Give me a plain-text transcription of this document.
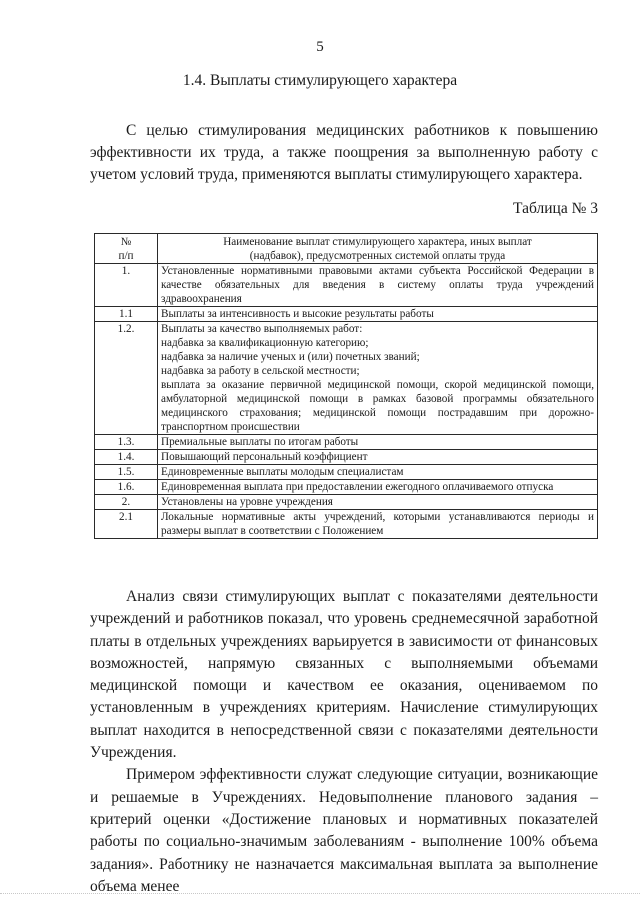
5
1.4. Выплаты стимулирующего характера

С целью стимулирования медицинских работников к повышению эффективности их труда, а также поощрения за выполненную работу с учетом условий труда, применяются выплаты стимулирующего характера.

Таблица № 3
№
п/п	Наименование выплат стимулирующего характера, иных выплат
(надбавок), предусмотренных системой оплаты труда

1.	Установленные нормативными правовыми актами субъекта Российской Федерации в качестве обязательных для введения в систему оплаты труда учреждений здравоохранения

1.1	Выплаты за интенсивность и высокие результаты работы

1.2.	Выплаты за качество выполняемых работ:
надбавка за квалификационную категорию;
надбавка за наличие ученых и (или) почетных званий;
надбавка за работу в сельской местности;
выплата за оказание первичной медицинской помощи, скорой медицинской помощи, амбулаторной медицинской помощи в рамках базовой программы обязательного медицинского страхования; медицинской помощи пострадавшим при дорожно-транспортном происшествии

1.3.	Премиальные выплаты по итогам работы

1.4.	Повышающий персональный коэффициент

1.5.	Единовременные выплаты молодым специалистам

1.6.	Единовременная выплата при предоставлении ежегодного оплачиваемого отпуска

2.	Установлены на уровне учреждения

2.1	Локальные нормативные акты учреждений, которыми устанавливаются периоды и размеры выплат в соответствии с Положением

Анализ связи стимулирующих выплат с показателями деятельности учреждений и работников показал, что уровень среднемесячной заработной платы в отдельных учреждениях варьируется в зависимости от финансовых возможностей, напрямую связанных с выполняемыми объемами медицинской помощи и качеством ее оказания, оцениваемом по установленным в учреждениях критериям. Начисление стимулирующих выплат находится в непосредственной связи с показателями деятельности Учреждения.

Примером эффективности служат следующие ситуации, возникающие и решаемые в Учреждениях. Недовыполнение планового задания – критерий оценки «Достижение плановых и нормативных показателей работы по социально-значимым заболеваниям - выполнение 100% объема задания». Работнику не назначается максимальная выплата за выполнение объема менее
